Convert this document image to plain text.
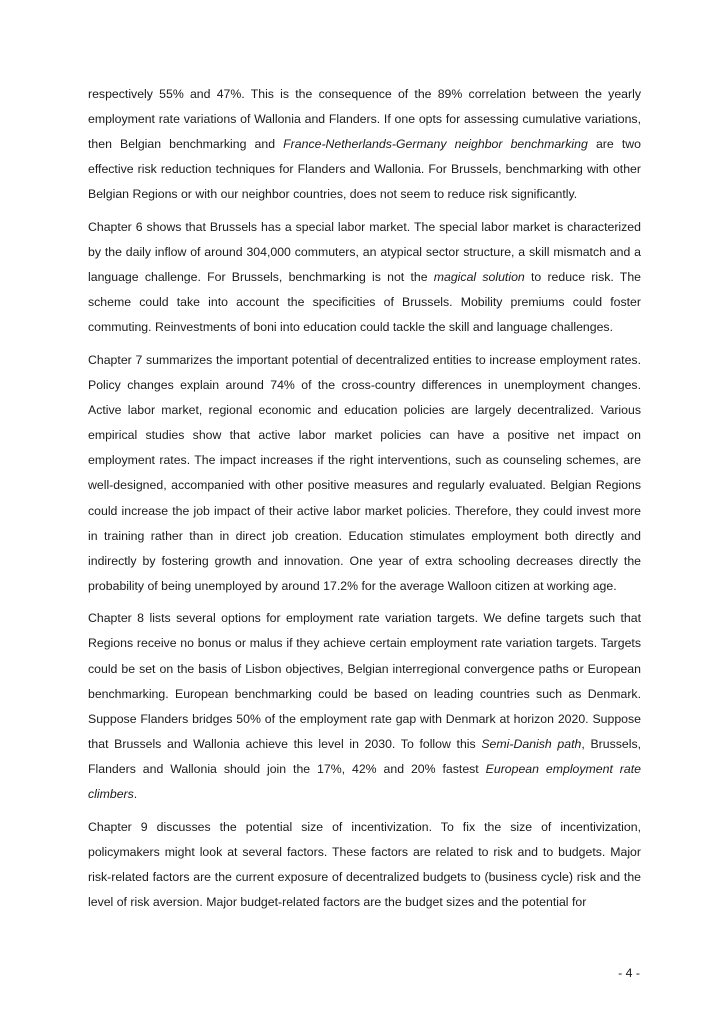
respectively 55% and 47%. This is the consequence of the 89% correlation between the yearly employment rate variations of Wallonia and Flanders. If one opts for assessing cumulative variations, then Belgian benchmarking and France-Netherlands-Germany neighbor benchmarking are two effective risk reduction techniques for Flanders and Wallonia. For Brussels, benchmarking with other Belgian Regions or with our neighbor countries, does not seem to reduce risk significantly.

Chapter 6 shows that Brussels has a special labor market. The special labor market is characterized by the daily inflow of around 304,000 commuters, an atypical sector structure, a skill mismatch and a language challenge. For Brussels, benchmarking is not the magical solution to reduce risk. The scheme could take into account the specificities of Brussels. Mobility premiums could foster commuting. Reinvestments of boni into education could tackle the skill and language challenges.

Chapter 7 summarizes the important potential of decentralized entities to increase employment rates. Policy changes explain around 74% of the cross-country differences in unemployment changes. Active labor market, regional economic and education policies are largely decentralized. Various empirical studies show that active labor market policies can have a positive net impact on employment rates. The impact increases if the right interventions, such as counseling schemes, are well-designed, accompanied with other positive measures and regularly evaluated. Belgian Regions could increase the job impact of their active labor market policies. Therefore, they could invest more in training rather than in direct job creation. Education stimulates employment both directly and indirectly by fostering growth and innovation. One year of extra schooling decreases directly the probability of being unemployed by around 17.2% for the average Walloon citizen at working age.

Chapter 8 lists several options for employment rate variation targets. We define targets such that Regions receive no bonus or malus if they achieve certain employment rate variation targets. Targets could be set on the basis of Lisbon objectives, Belgian interregional convergence paths or European benchmarking. European benchmarking could be based on leading countries such as Denmark. Suppose Flanders bridges 50% of the employment rate gap with Denmark at horizon 2020. Suppose that Brussels and Wallonia achieve this level in 2030. To follow this Semi-Danish path, Brussels, Flanders and Wallonia should join the 17%, 42% and 20% fastest European employment rate climbers.

Chapter 9 discusses the potential size of incentivization. To fix the size of incentivization, policymakers might look at several factors. These factors are related to risk and to budgets. Major risk-related factors are the current exposure of decentralized budgets to (business cycle) risk and the level of risk aversion. Major budget-related factors are the budget sizes and the potential for

- 4 -
